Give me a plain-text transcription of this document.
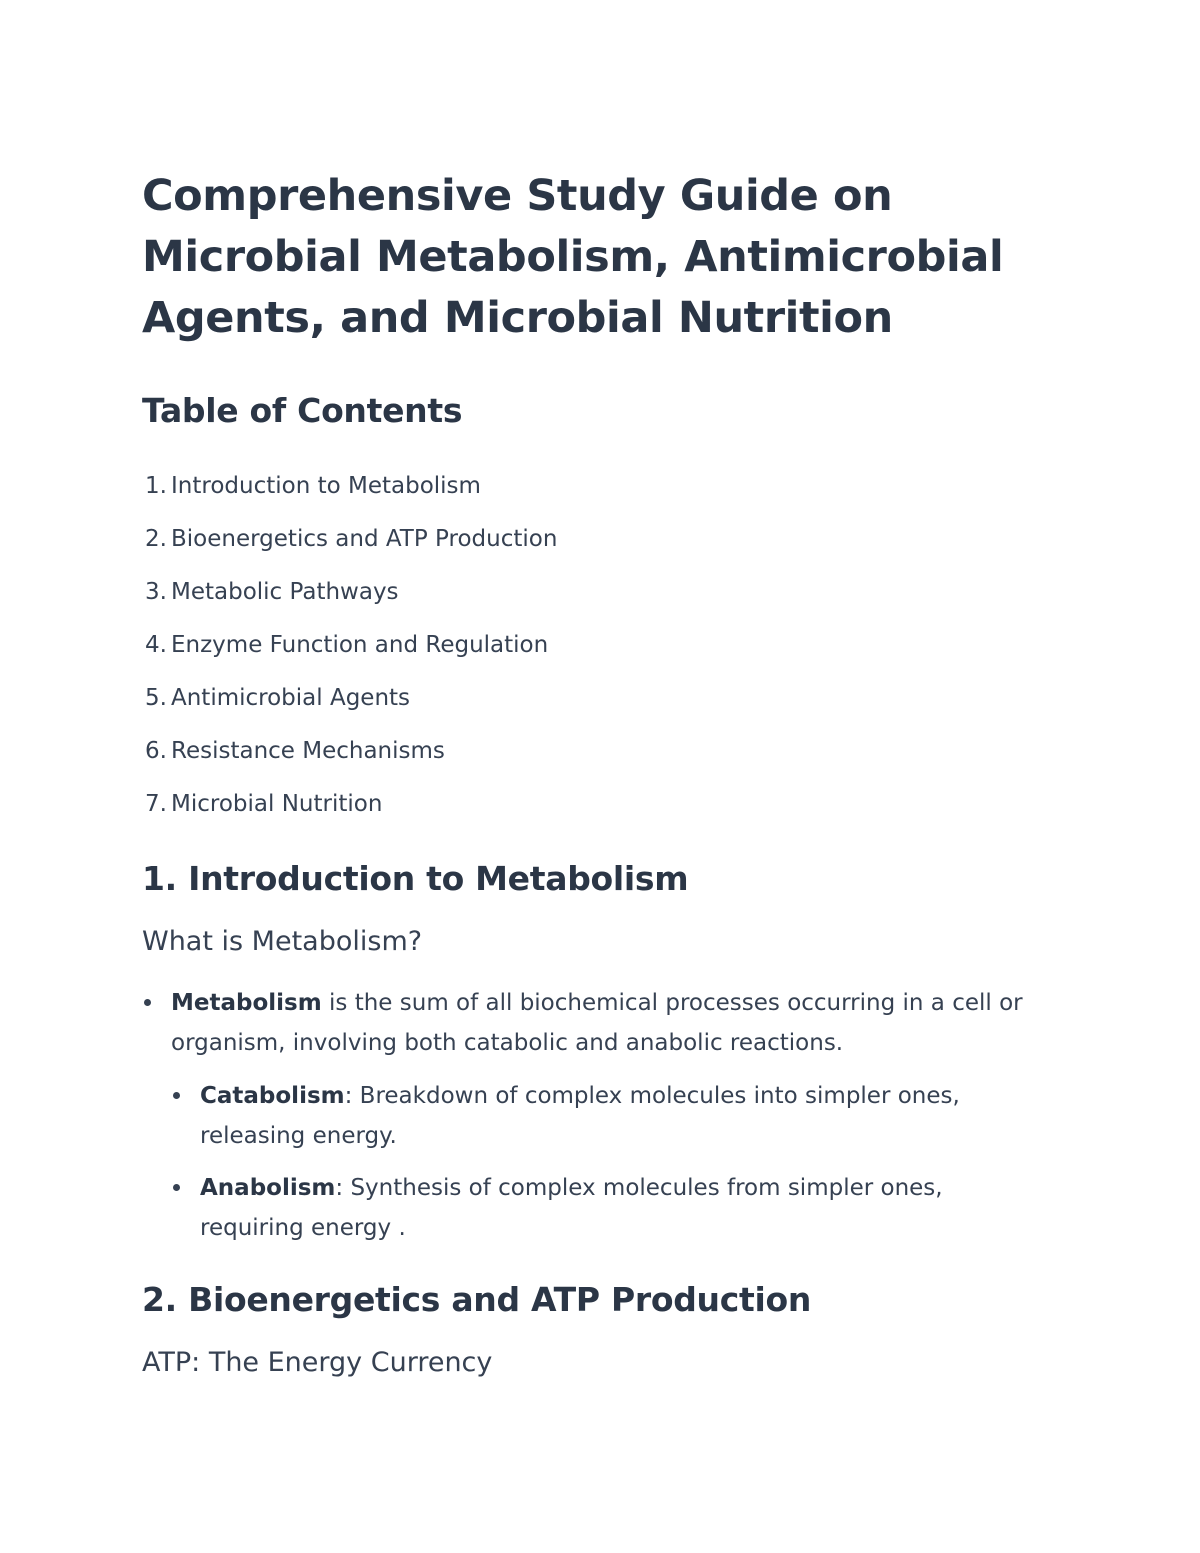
Comprehensive Study Guide on Microbial Metabolism, Antimicrobial Agents, and Microbial Nutrition
Table of Contents
1. Introduction to Metabolism
2. Bioenergetics and ATP Production
3. Metabolic Pathways
4. Enzyme Function and Regulation
5. Antimicrobial Agents
6. Resistance Mechanisms
7. Microbial Nutrition
1. Introduction to Metabolism
What is Metabolism?
Metabolism is the sum of all biochemical processes occurring in a cell or organism, involving both catabolic and anabolic reactions.
Catabolism: Breakdown of complex molecules into simpler ones, releasing energy.
Anabolism: Synthesis of complex molecules from simpler ones, requiring energy .
2. Bioenergetics and ATP Production
ATP: The Energy Currency
